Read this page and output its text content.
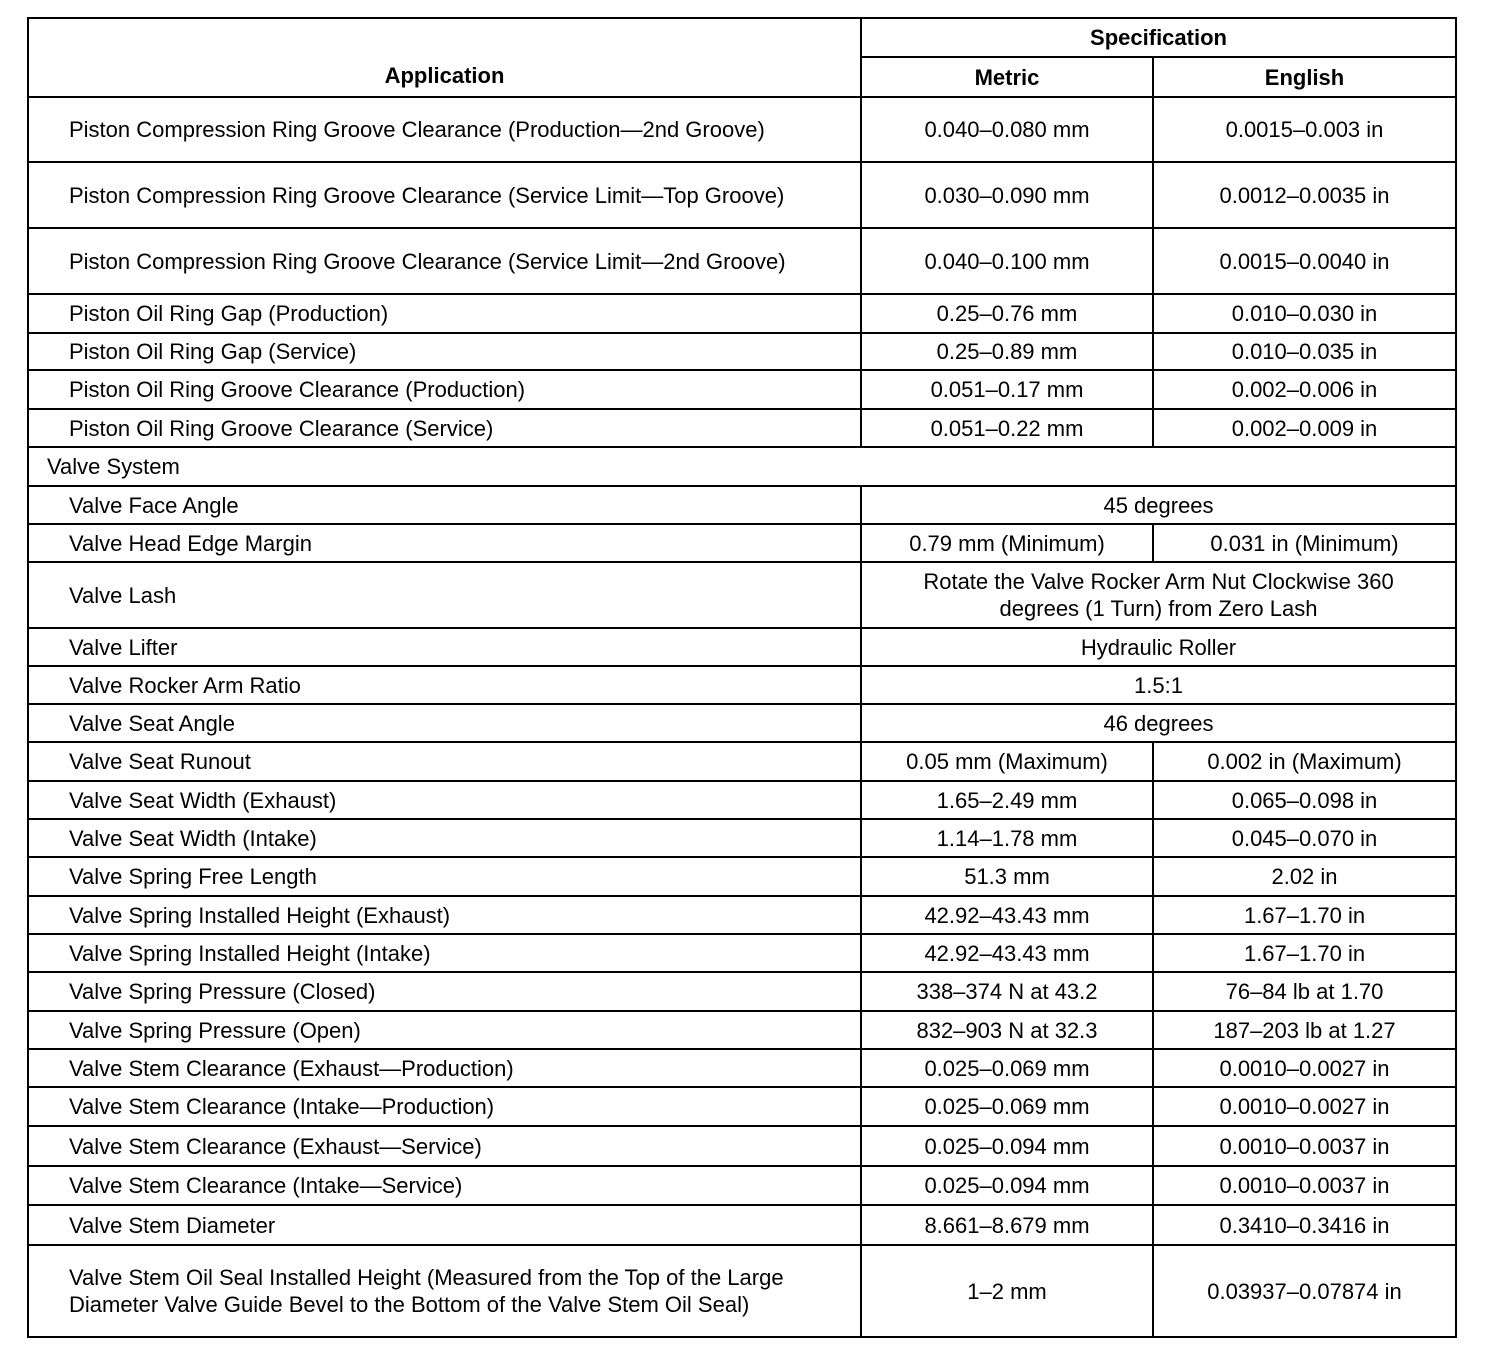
Application	Specification	
	Metric	English
Piston Compression Ring Groove Clearance (Production—2nd Groove)	0.040–0.080 mm	0.0015–0.003 in
Piston Compression Ring Groove Clearance (Service Limit—Top Groove)	0.030–0.090 mm	0.0012–0.0035 in
Piston Compression Ring Groove Clearance (Service Limit—2nd Groove)	0.040–0.100 mm	0.0015–0.0040 in
Piston Oil Ring Gap (Production)	0.25–0.76 mm	0.010–0.030 in
Piston Oil Ring Gap (Service)	0.25–0.89 mm	0.010–0.035 in
Piston Oil Ring Groove Clearance (Production)	0.051–0.17 mm	0.002–0.006 in
Piston Oil Ring Groove Clearance (Service)	0.051–0.22 mm	0.002–0.009 in
Valve System		
Valve Face Angle	45 degrees	
Valve Head Edge Margin	0.79 mm (Minimum)	0.031 in (Minimum)
Valve Lash	Rotate the Valve Rocker Arm Nut Clockwise 360 degrees (1 Turn) from Zero Lash	
Valve Lifter	Hydraulic Roller	
Valve Rocker Arm Ratio	1.5:1	
Valve Seat Angle	46 degrees	
Valve Seat Runout	0.05 mm (Maximum)	0.002 in (Maximum)
Valve Seat Width (Exhaust)	1.65–2.49 mm	0.065–0.098 in
Valve Seat Width (Intake)	1.14–1.78 mm	0.045–0.070 in
Valve Spring Free Length	51.3 mm	2.02 in
Valve Spring Installed Height (Exhaust)	42.92–43.43 mm	1.67–1.70 in
Valve Spring Installed Height (Intake)	42.92–43.43 mm	1.67–1.70 in
Valve Spring Pressure (Closed)	338–374 N at 43.2	76–84 lb at 1.70
Valve Spring Pressure (Open)	832–903 N at 32.3	187–203 lb at 1.27
Valve Stem Clearance (Exhaust—Production)	0.025–0.069 mm	0.0010–0.0027 in
Valve Stem Clearance (Intake—Production)	0.025–0.069 mm	0.0010–0.0027 in
Valve Stem Clearance (Exhaust—Service)	0.025–0.094 mm	0.0010–0.0037 in
Valve Stem Clearance (Intake—Service)	0.025–0.094 mm	0.0010–0.0037 in
Valve Stem Diameter	8.661–8.679 mm	0.3410–0.3416 in
Valve Stem Oil Seal Installed Height (Measured from the Top of the Large Diameter Valve Guide Bevel to the Bottom of the Valve Stem Oil Seal)	1–2 mm	0.03937–0.07874 in
